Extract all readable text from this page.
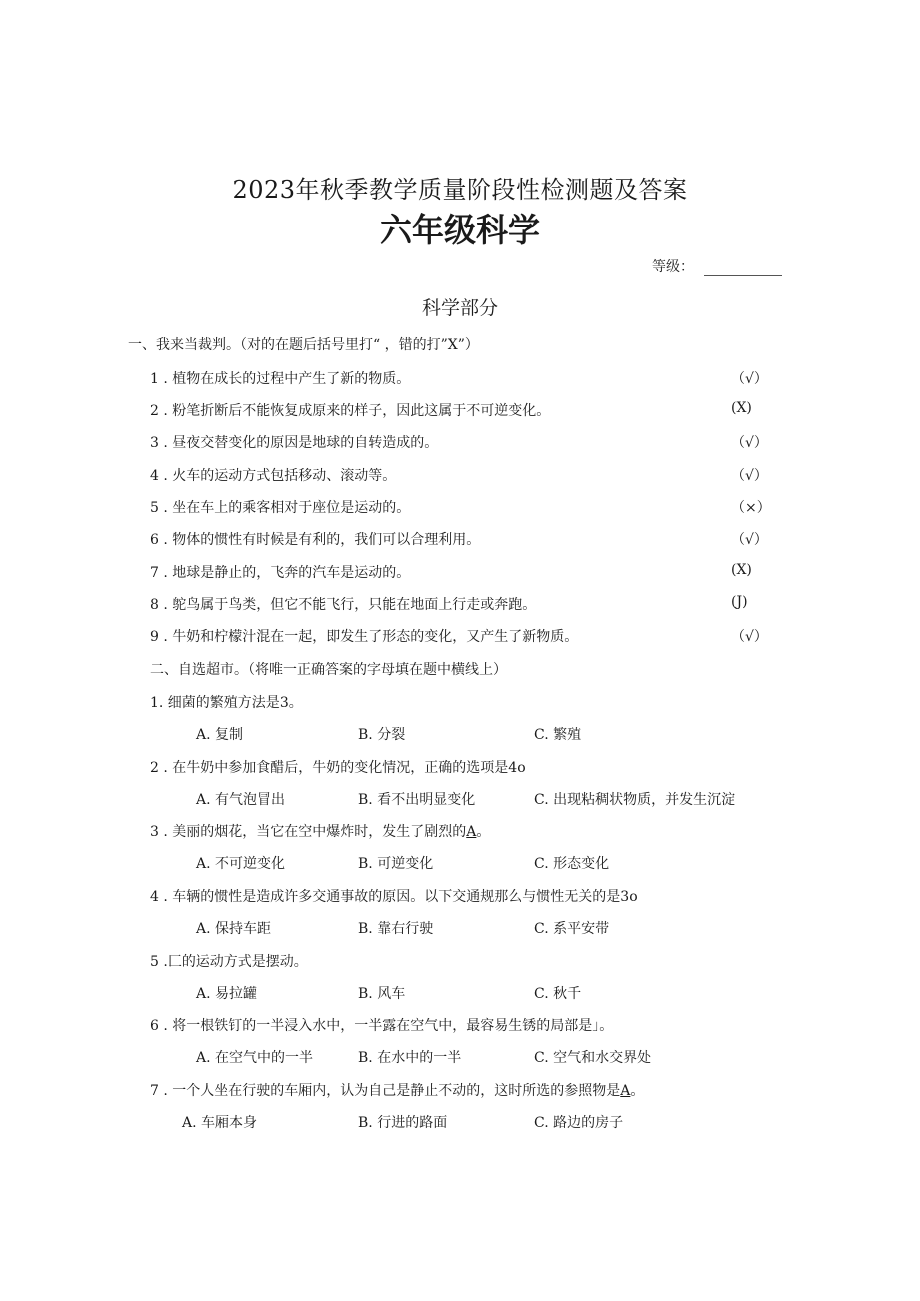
2023年秋季教学质量阶段性检测题及答案
六年级科学
等级：
科学部分
一、我来当裁判。（对的在题后括号里打“ ，错的打”X”）
1 . 植物在成长的过程中产生了新的物质。	（√）
2 . 粉笔折断后不能恢复成原来的样子，因此这属于不可逆变化。	(X)
3 . 昼夜交替变化的原因是地球的自转造成的。	（√）
4 . 火车的运动方式包括移动、滚动等。	（√）
5 . 坐在车上的乘客相对于座位是运动的。	（×）
6 . 物体的惯性有时候是有利的，我们可以合理利用。	（√）
7 . 地球是静止的，飞奔的汽车是运动的。	(X)
8 . 鸵鸟属于鸟类，但它不能飞行，只能在地面上行走或奔跑。	(J)
9 . 牛奶和柠檬汁混在一起，即发生了形态的变化，又产生了新物质。	（√）
二、自选超市。（将唯一正确答案的字母填在题中横线上）
1. 细菌的繁殖方法是3。
A. 复制	B. 分裂	C. 繁殖
2 . 在牛奶中参加食醋后，牛奶的变化情况，正确的选项是4o
A. 有气泡冒出	B. 看不出明显变化	C. 出现粘稠状物质，并发生沉淀
3 . 美丽的烟花，当它在空中爆炸时，发生了剧烈的A。
A. 不可逆变化	B. 可逆变化	C. 形态变化
4 . 车辆的惯性是造成许多交通事故的原因。以下交通规那么与惯性无关的是3o
A. 保持车距	B. 靠右行驶	C. 系平安带
5 .匚的运动方式是摆动。
A. 易拉罐	B. 风车	C. 秋千
6 . 将一根铁钉的一半浸入水中，一半露在空气中，最容易生锈的局部是」。
A. 在空气中的一半	B. 在水中的一半	C. 空气和水交界处
7 . 一个人坐在行驶的车厢内，认为自己是静止不动的，这时所选的参照物是A。
A. 车厢本身	B. 行进的路面	C. 路边的房子
